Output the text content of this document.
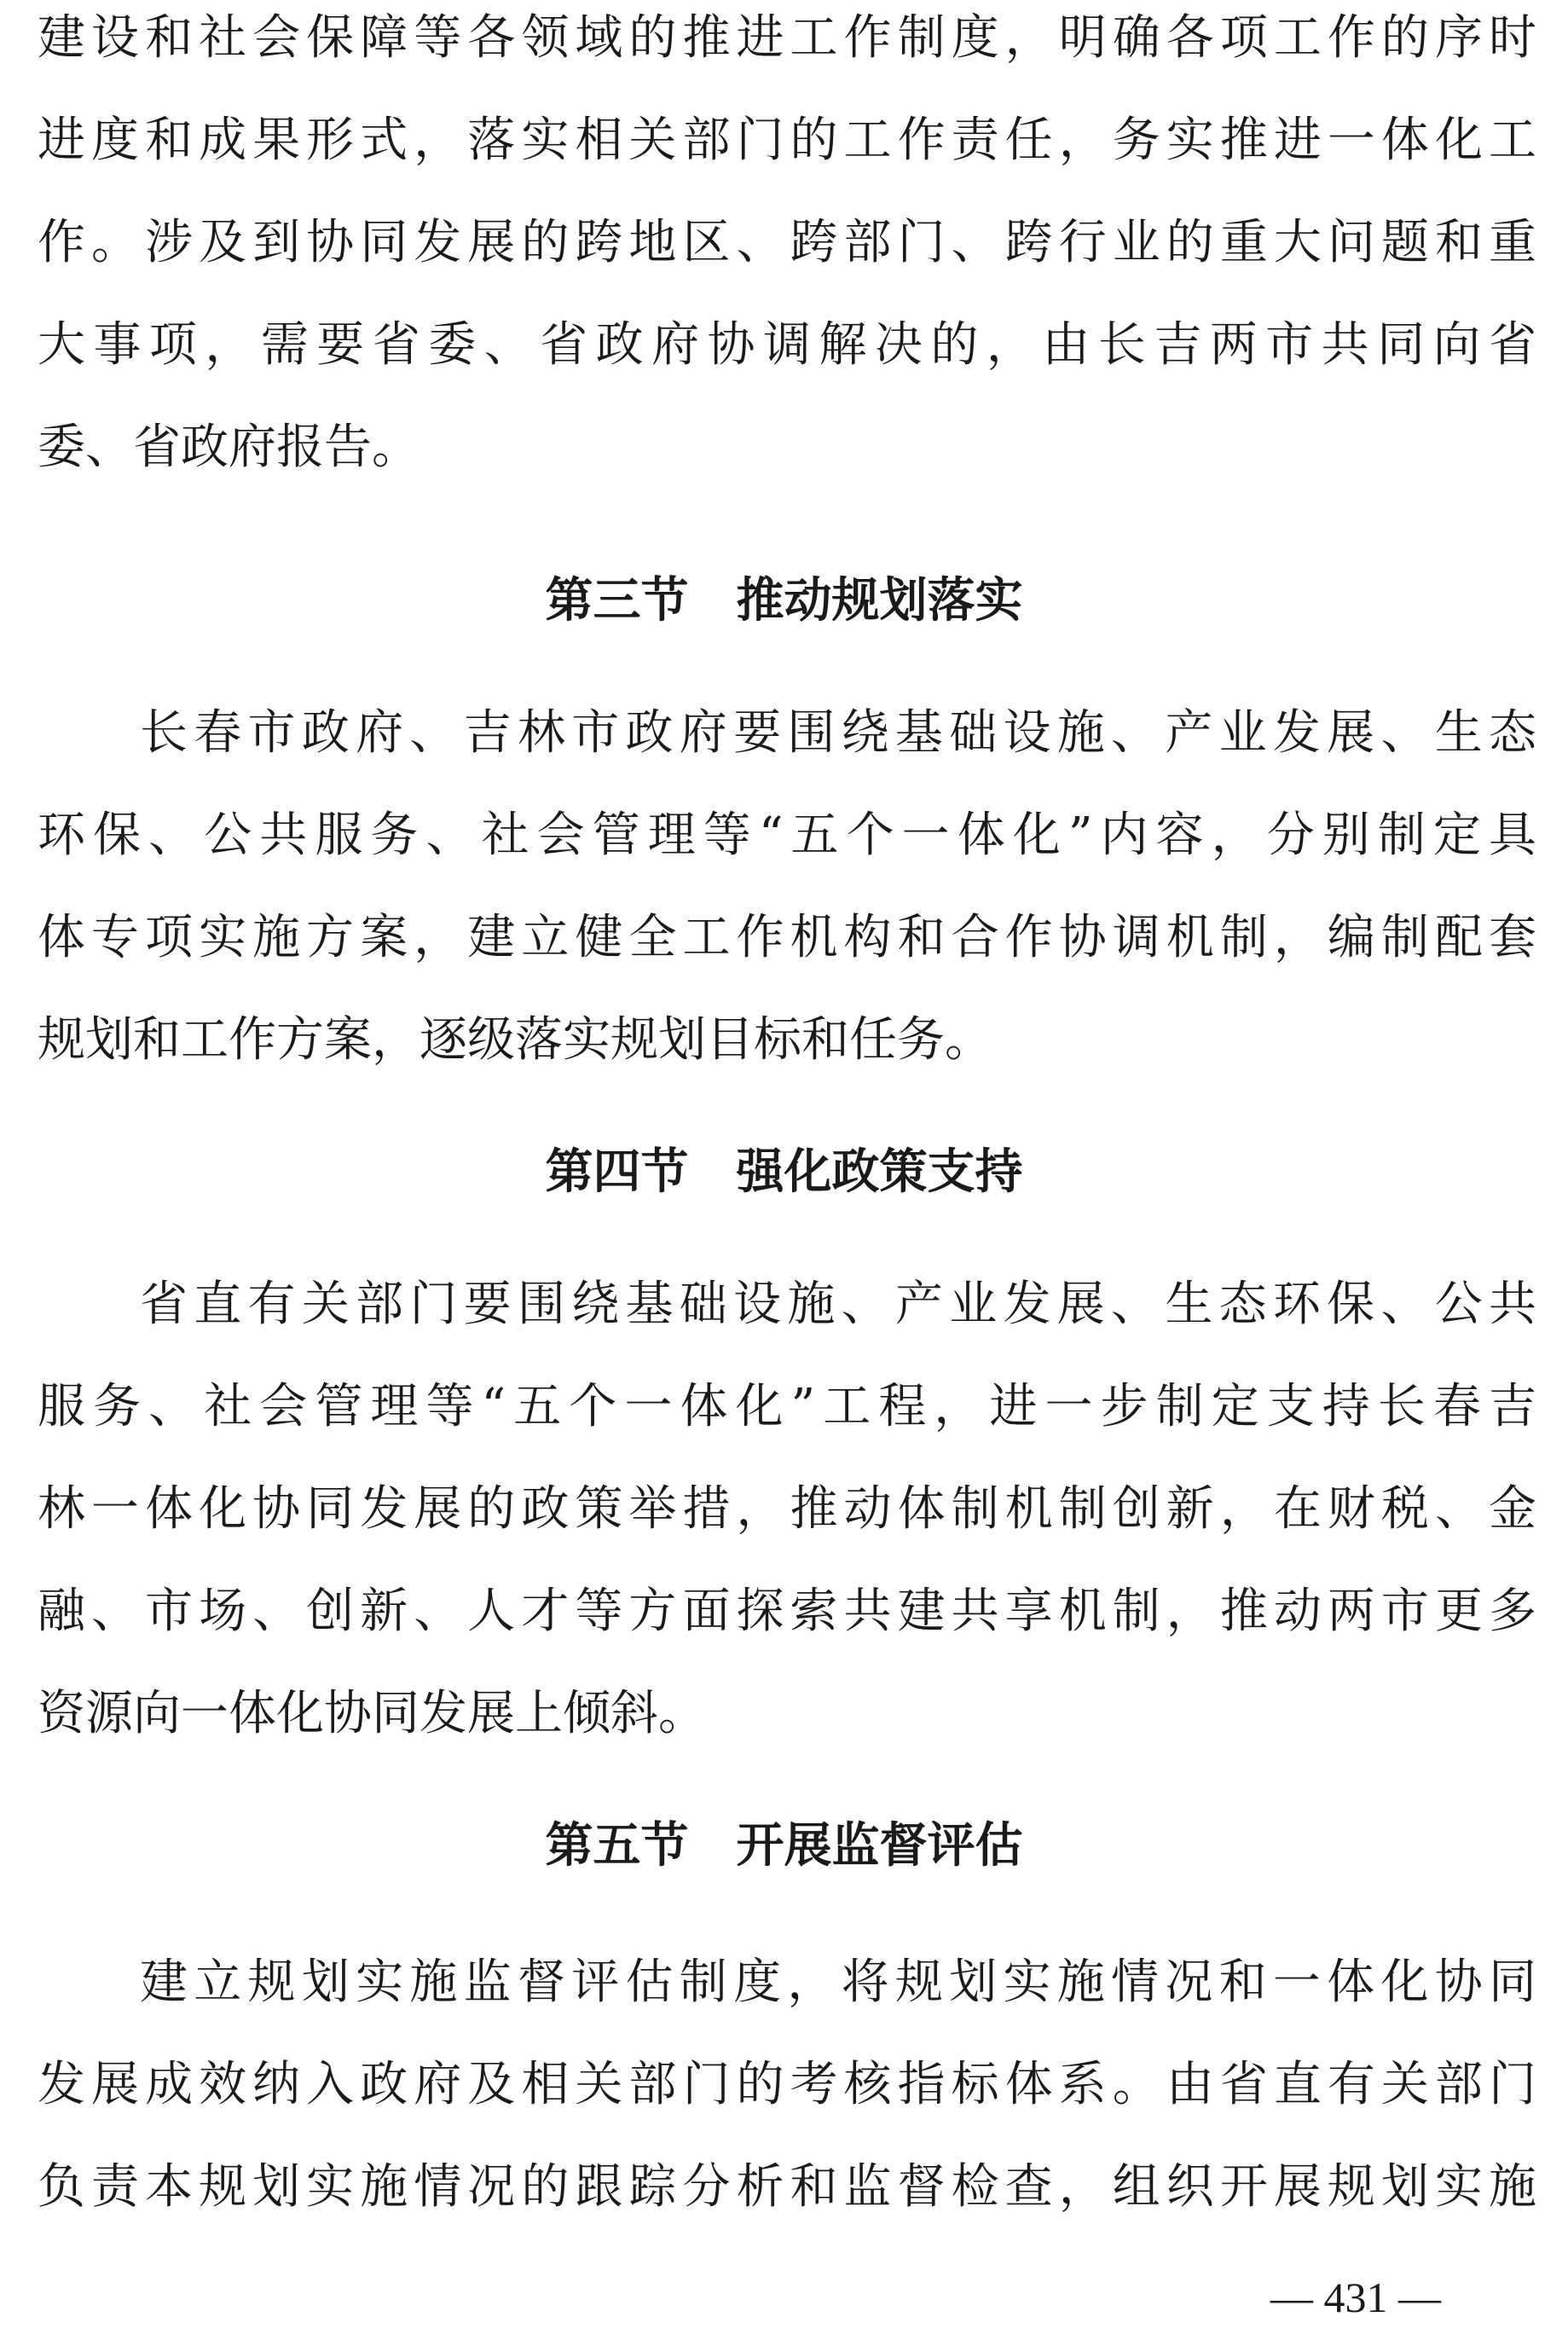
建设和社会保障等各领域的推进工作制度，明确各项工作的序时
进度和成果形式，落实相关部门的工作责任，务实推进一体化工
作。涉及到协同发展的跨地区、跨部门、跨行业的重大问题和重
大事项，需要省委、省政府协调解决的，由长吉两市共同向省
委、省政府报告。
第三节　推动规划落实
长春市政府、吉林市政府要围绕基础设施、产业发展、生态
环保、公共服务、社会管理等“五个一体化”内容，分别制定具
体专项实施方案，建立健全工作机构和合作协调机制，编制配套
规划和工作方案，逐级落实规划目标和任务。
第四节　强化政策支持
省直有关部门要围绕基础设施、产业发展、生态环保、公共
服务、社会管理等“五个一体化”工程，进一步制定支持长春吉
林一体化协同发展的政策举措，推动体制机制创新，在财税、金
融、市场、创新、人才等方面探索共建共享机制，推动两市更多
资源向一体化协同发展上倾斜。
第五节　开展监督评估
建立规划实施监督评估制度，将规划实施情况和一体化协同
发展成效纳入政府及相关部门的考核指标体系。由省直有关部门
负责本规划实施情况的跟踪分析和监督检查，组织开展规划实施
— 431 —
